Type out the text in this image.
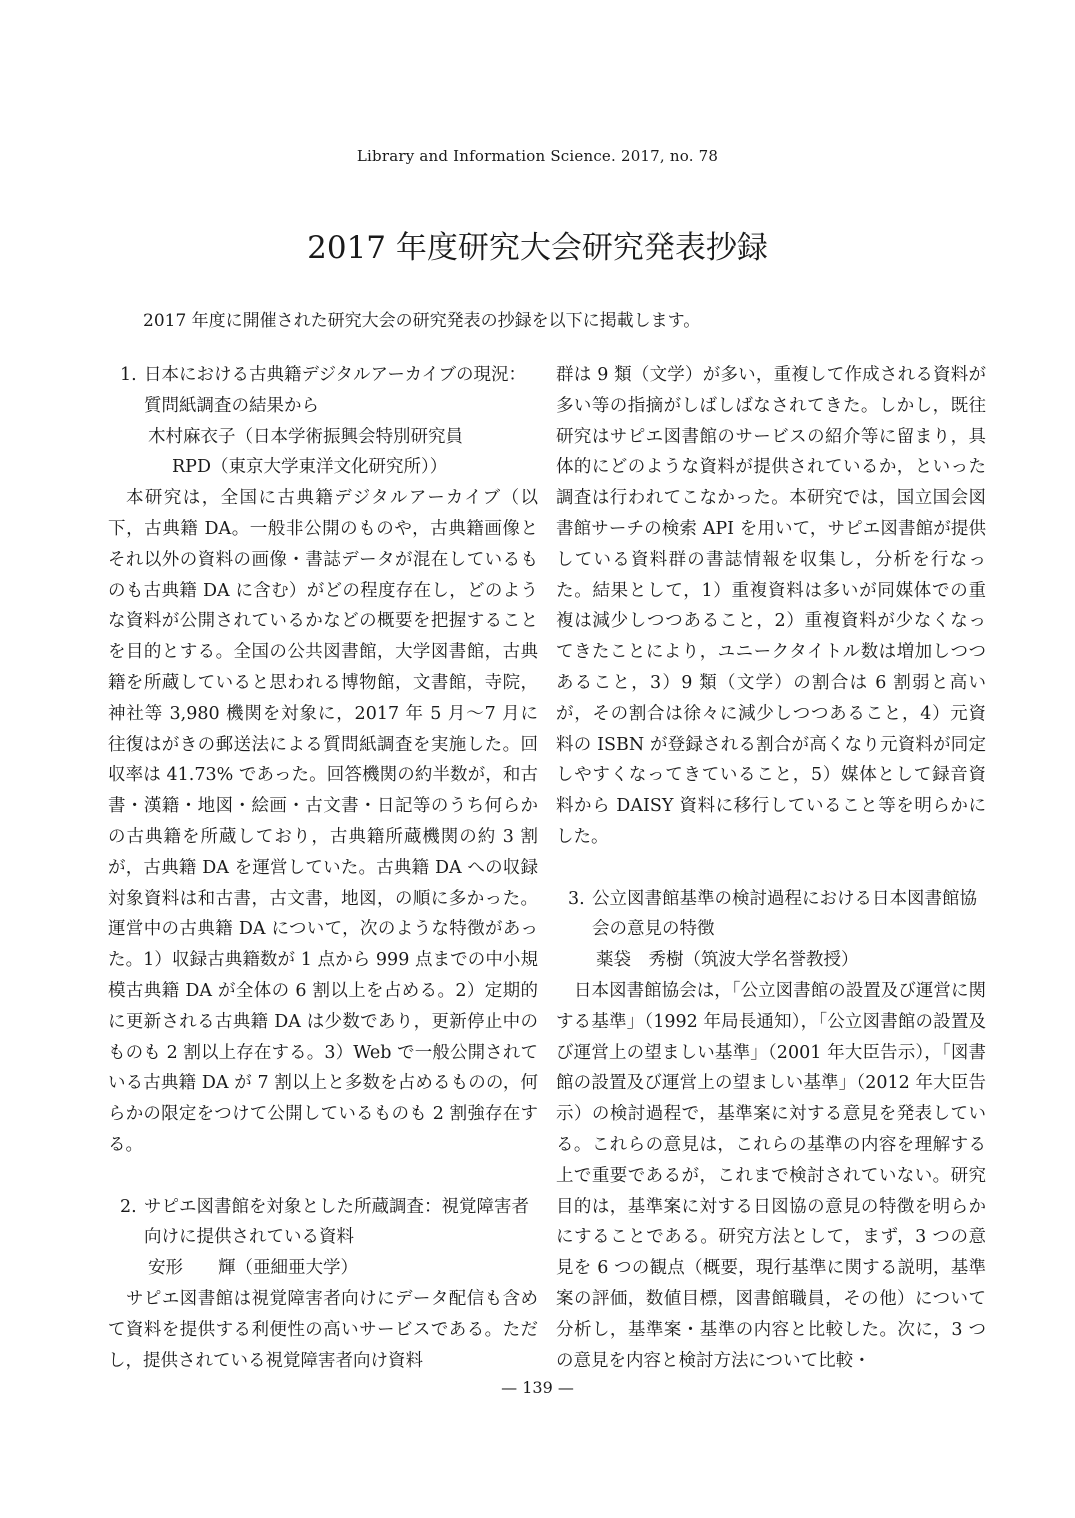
Library and Information Science. 2017, no. 78
2017 年度研究大会研究発表抄録

2017 年度に開催された研究大会の研究発表の抄録を以下に掲載します。

1. 日本における古典籍デジタルアーカイブの現況：質問紙調査の結果から

木村麻衣子（日本学術振興会特別研究員
RPD（東京大学東洋文化研究所））

本研究は，全国に古典籍デジタルアーカイブ（以下，古典籍 DA。一般非公開のものや，古典籍画像とそれ以外の資料の画像・書誌データが混在しているものも古典籍 DA に含む）がどの程度存在し，どのような資料が公開されているかなどの概要を把握することを目的とする。全国の公共図書館，大学図書館，古典籍を所蔵していると思われる博物館，文書館，寺院，神社等 3,980 機関を対象に，2017 年 5 月～7 月に往復はがきの郵送法による質問紙調査を実施した。回収率は 41.73% であった。回答機関の約半数が，和古書・漢籍・地図・絵画・古文書・日記等のうち何らかの古典籍を所蔵しており，古典籍所蔵機関の約 3 割が，古典籍 DA を運営していた。古典籍 DA への収録対象資料は和古書，古文書，地図，の順に多かった。運営中の古典籍 DA について，次のような特徴があった。1）収録古典籍数が 1 点から 999 点までの中小規模古典籍 DA が全体の 6 割以上を占める。2）定期的に更新される古典籍 DA は少数であり，更新停止中のものも 2 割以上存在する。3）Web で一般公開されている古典籍 DA が 7 割以上と多数を占めるものの，何らかの限定をつけて公開しているものも 2 割強存在する。

2. サピエ図書館を対象とした所蔵調査：視覚障害者向けに提供されている資料

安形　　輝（亜細亜大学）

サピエ図書館は視覚障害者向けにデータ配信も含めて資料を提供する利便性の高いサービスである。ただし，提供されている視覚障害者向け資料

群は 9 類（文学）が多い，重複して作成される資料が多い等の指摘がしばしばなされてきた。しかし，既往研究はサピエ図書館のサービスの紹介等に留まり，具体的にどのような資料が提供されているか，といった調査は行われてこなかった。本研究では，国立国会図書館サーチの検索 API を用いて，サピエ図書館が提供している資料群の書誌情報を収集し，分析を行なった。結果として，1）重複資料は多いが同媒体での重複は減少しつつあること，2）重複資料が少なくなってきたことにより，ユニークタイトル数は増加しつつあること，3）9 類（文学）の割合は 6 割弱と高いが，その割合は徐々に減少しつつあること，4）元資料の ISBN が登録される割合が高くなり元資料が同定しやすくなってきていること，5）媒体として録音資料から DAISY 資料に移行していること等を明らかにした。

3. 公立図書館基準の検討過程における日本図書館協会の意見の特徴

薬袋　秀樹（筑波大学名誉教授）

日本図書館協会は，「公立図書館の設置及び運営に関する基準」（1992 年局長通知），「公立図書館の設置及び運営上の望ましい基準」（2001 年大臣告示），「図書館の設置及び運営上の望ましい基準」（2012 年大臣告示）の検討過程で，基準案に対する意見を発表している。これらの意見は，これらの基準の内容を理解する上で重要であるが，これまで検討されていない。研究目的は，基準案に対する日図協の意見の特徴を明らかにすることである。研究方法として，まず，3 つの意見を 6 つの観点（概要，現行基準に関する説明，基準案の評価，数値目標，図書館職員，その他）について分析し，基準案・基準の内容と比較した。次に，3 つの意見を内容と検討方法について比較・

— 139 —
